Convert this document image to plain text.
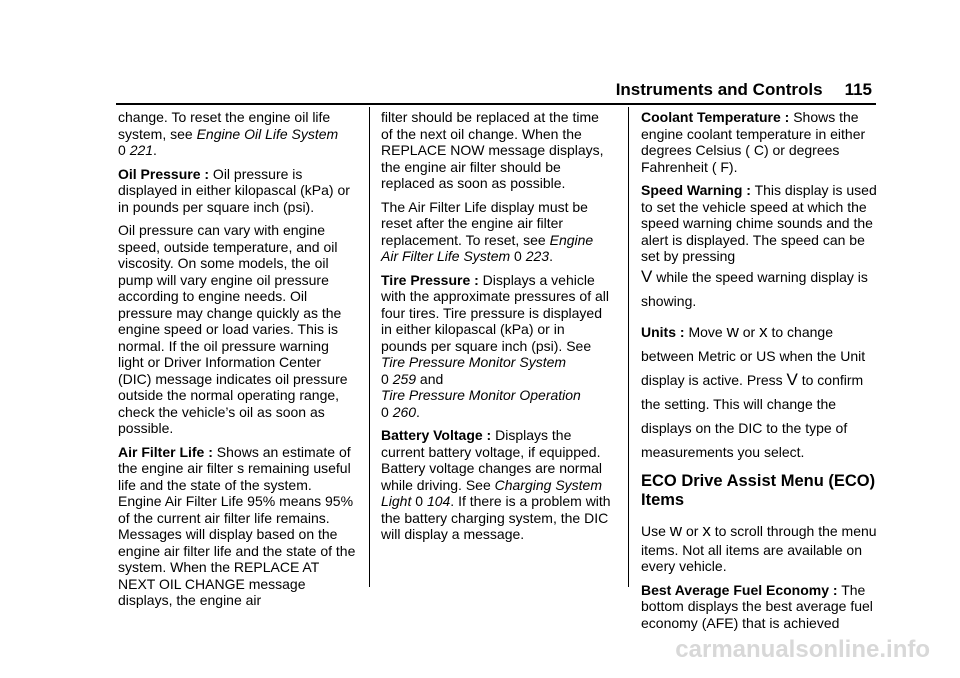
Instruments and Controls 115

change. To reset the engine oil life system, see Engine Oil Life System
0 221.

Oil Pressure : Oil pressure is displayed in either kilopascal (kPa) or in pounds per square inch (psi).

Oil pressure can vary with engine speed, outside temperature, and oil viscosity. On some models, the oil pump will vary engine oil pressure according to engine needs. Oil pressure may change quickly as the engine speed or load varies. This is normal. If the oil pressure warning light or Driver Information Center (DIC) message indicates oil pressure outside the normal operating range, check the vehicle’s oil as soon as possible.

Air Filter Life : Shows an estimate of the engine air filter s remaining useful life and the state of the system. Engine Air Filter Life 95% means 95% of the current air filter life remains. Messages will display based on the engine air filter life and the state of the system. When the REPLACE AT NEXT OIL CHANGE message displays, the engine air

filter should be replaced at the time of the next oil change. When the REPLACE NOW message displays, the engine air filter should be replaced as soon as possible.

The Air Filter Life display must be reset after the engine air filter replacement. To reset, see Engine Air Filter Life System 0 223.

Tire Pressure : Displays a vehicle with the approximate pressures of all four tires. Tire pressure is displayed in either kilopascal (kPa) or in pounds per square inch (psi). See Tire Pressure Monitor System
0 259 and
Tire Pressure Monitor Operation
0 260.

Battery Voltage : Displays the current battery voltage, if equipped. Battery voltage changes are normal while driving. See Charging System Light 0 104. If there is a problem with the battery charging system, the DIC will display a message.

Coolant Temperature : Shows the engine coolant temperature in either degrees Celsius ( C) or degrees Fahrenheit ( F).

Speed Warning : This display is used to set the vehicle speed at which the speed warning chime sounds and the alert is displayed. The speed can be set by pressing
V while the speed warning display is showing.

Units : Move w or x to change between Metric or US when the Unit display is active. Press V to confirm the setting. This will change the displays on the DIC to the type of measurements you select.

ECO Drive Assist Menu (ECO) Items

Use w or x to scroll through the menu items. Not all items are available on every vehicle.

Best Average Fuel Economy : The bottom displays the best average fuel economy (AFE) that is achieved

carmanualsonline.info
